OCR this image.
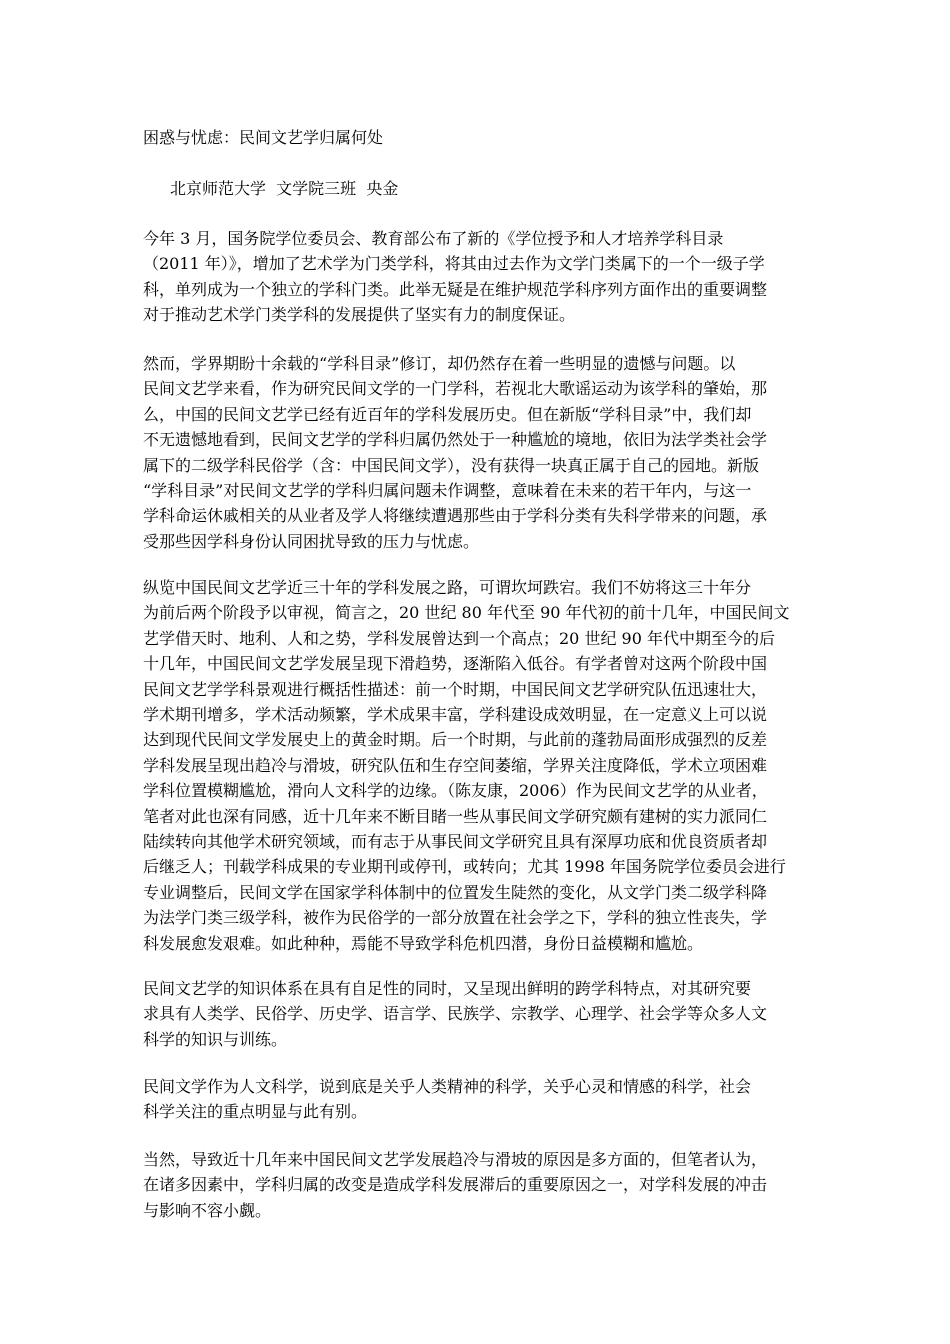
困惑与忧虑：民间文艺学归属何处
北京师范大学  文学院三班  央金
今年 3 月，国务院学位委员会、教育部公布了新的《学位授予和人才培养学科目录
（2011 年）》，增加了艺术学为门类学科，将其由过去作为文学门类属下的一个一级子学
科，单列成为一个独立的学科门类。此举无疑是在维护规范学科序列方面作出的重要调整
对于推动艺术学门类学科的发展提供了坚实有力的制度保证。
然而，学界期盼十余载的“学科目录”修订，却仍然存在着一些明显的遗憾与问题。以
民间文艺学来看，作为研究民间文学的一门学科，若视北大歌谣运动为该学科的肇始，那
么，中国的民间文艺学已经有近百年的学科发展历史。但在新版“学科目录”中，我们却
不无遗憾地看到，民间文艺学的学科归属仍然处于一种尴尬的境地，依旧为法学类社会学
属下的二级学科民俗学（含：中国民间文学），没有获得一块真正属于自己的园地。新版
“学科目录”对民间文艺学的学科归属问题未作调整，意味着在未来的若干年内，与这一
学科命运休戚相关的从业者及学人将继续遭遇那些由于学科分类有失科学带来的问题，承
受那些因学科身份认同困扰导致的压力与忧虑。
纵览中国民间文艺学近三十年的学科发展之路，可谓坎坷跌宕。我们不妨将这三十年分
为前后两个阶段予以审视，简言之，20 世纪 80 年代至 90 年代初的前十几年，中国民间文
艺学借天时、地利、人和之势，学科发展曾达到一个高点；20 世纪 90 年代中期至今的后
十几年，中国民间文艺学发展呈现下滑趋势，逐渐陷入低谷。有学者曾对这两个阶段中国
民间文艺学学科景观进行概括性描述：前一个时期，中国民间文艺学研究队伍迅速壮大，
学术期刊增多，学术活动频繁，学术成果丰富，学科建设成效明显，在一定意义上可以说
达到现代民间文学发展史上的黄金时期。后一个时期，与此前的蓬勃局面形成强烈的反差
学科发展呈现出趋冷与滑坡，研究队伍和生存空间萎缩，学界关注度降低，学术立项困难
学科位置模糊尴尬，滑向人文科学的边缘。（陈友康，2006）作为民间文艺学的从业者，
笔者对此也深有同感，近十几年来不断目睹一些从事民间文学研究颇有建树的实力派同仁
陆续转向其他学术研究领域，而有志于从事民间文学研究且具有深厚功底和优良资质者却
后继乏人；刊载学科成果的专业期刊或停刊，或转向；尤其 1998 年国务院学位委员会进行
专业调整后，民间文学在国家学科体制中的位置发生陡然的变化，从文学门类二级学科降
为法学门类三级学科，被作为民俗学的一部分放置在社会学之下，学科的独立性丧失，学
科发展愈发艰难。如此种种，焉能不导致学科危机四潜，身份日益模糊和尴尬。
民间文艺学的知识体系在具有自足性的同时，又呈现出鲜明的跨学科特点，对其研究要
求具有人类学、民俗学、历史学、语言学、民族学、宗教学、心理学、社会学等众多人文
科学的知识与训练。
民间文学作为人文科学，说到底是关乎人类精神的科学，关乎心灵和情感的科学，社会
科学关注的重点明显与此有别。
当然，导致近十几年来中国民间文艺学发展趋冷与滑坡的原因是多方面的，但笔者认为，
在诸多因素中，学科归属的改变是造成学科发展滞后的重要原因之一，对学科发展的冲击
与影响不容小觑。
